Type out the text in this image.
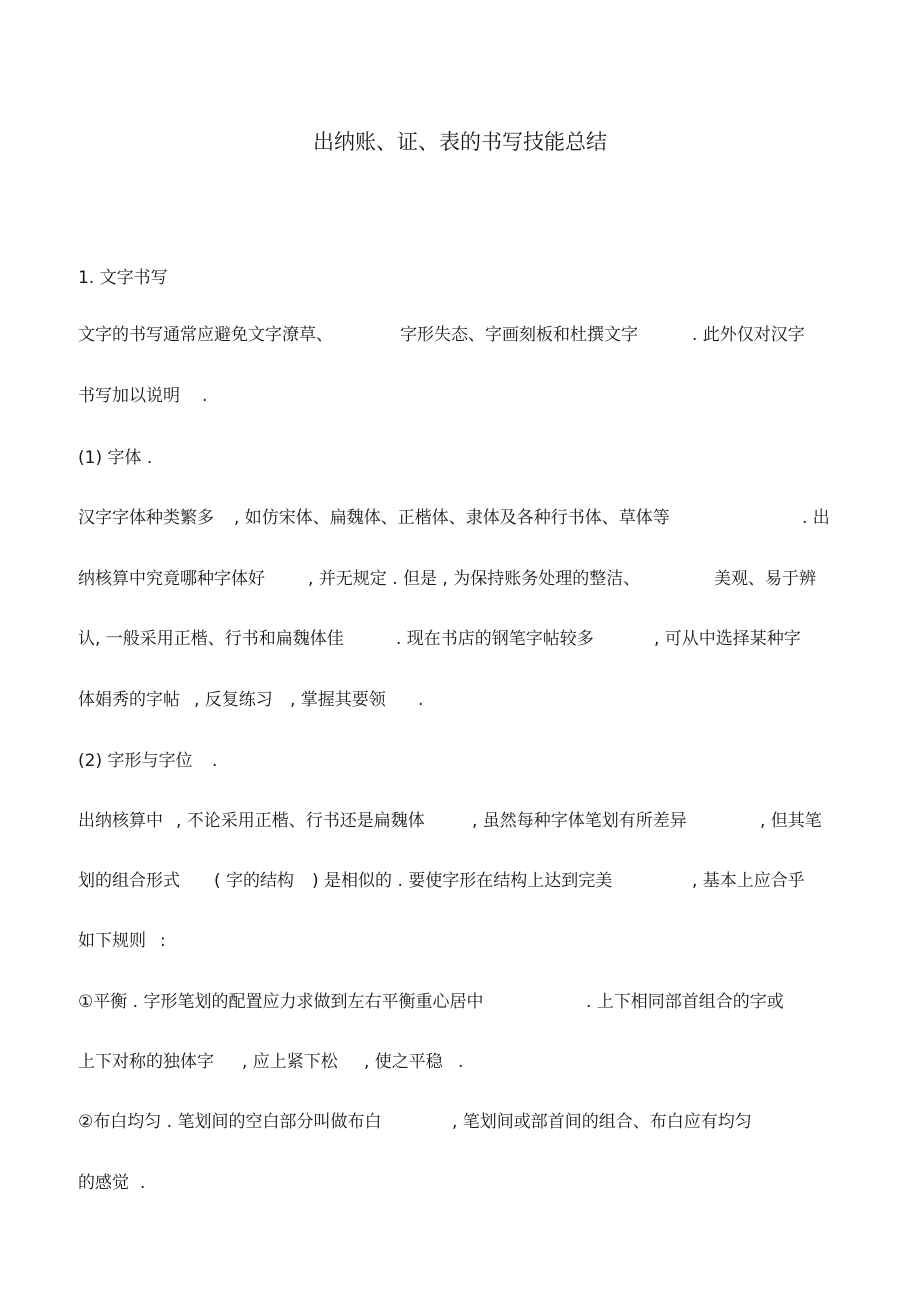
出纳账、证、表的书写技能总结
1. 文字书写
文字的书写通常应避免文字潦草、	字形失态、字画刻板和杜撰文字	. 此外仅对汉字
书写加以说明 .
(1) 字体 .
汉字字体种类繁多 , 如仿宋体、扁魏体、正楷体、隶体及各种行书体、草体等	. 出
纳核算中究竟哪种字体好	, 并无规定 . 但是 , 为保持账务处理的整洁、	美观、易于辨
认, 一般采用正楷、行书和扁魏体佳	. 现在书店的钢笔字帖较多	, 可从中选择某种字
体娟秀的字帖 , 反复练习 , 掌握其要领 .
(2) 字形与字位 .
出纳核算中 , 不论采用正楷、行书还是扁魏体	, 虽然每种字体笔划有所差异	, 但其笔
划的组合形式 ( 字的结构 ) 是相似的 . 要使字形在结构上达到完美	, 基本上应合乎
如下规则 :
①平衡 . 字形笔划的配置应力求做到左右平衡重心居中	. 上下相同部首组合的字或
上下对称的独体字 , 应上紧下松 , 使之平稳 .
②布白均匀 . 笔划间的空白部分叫做布白	, 笔划间或部首间的组合、布白应有均匀
的感觉 .
